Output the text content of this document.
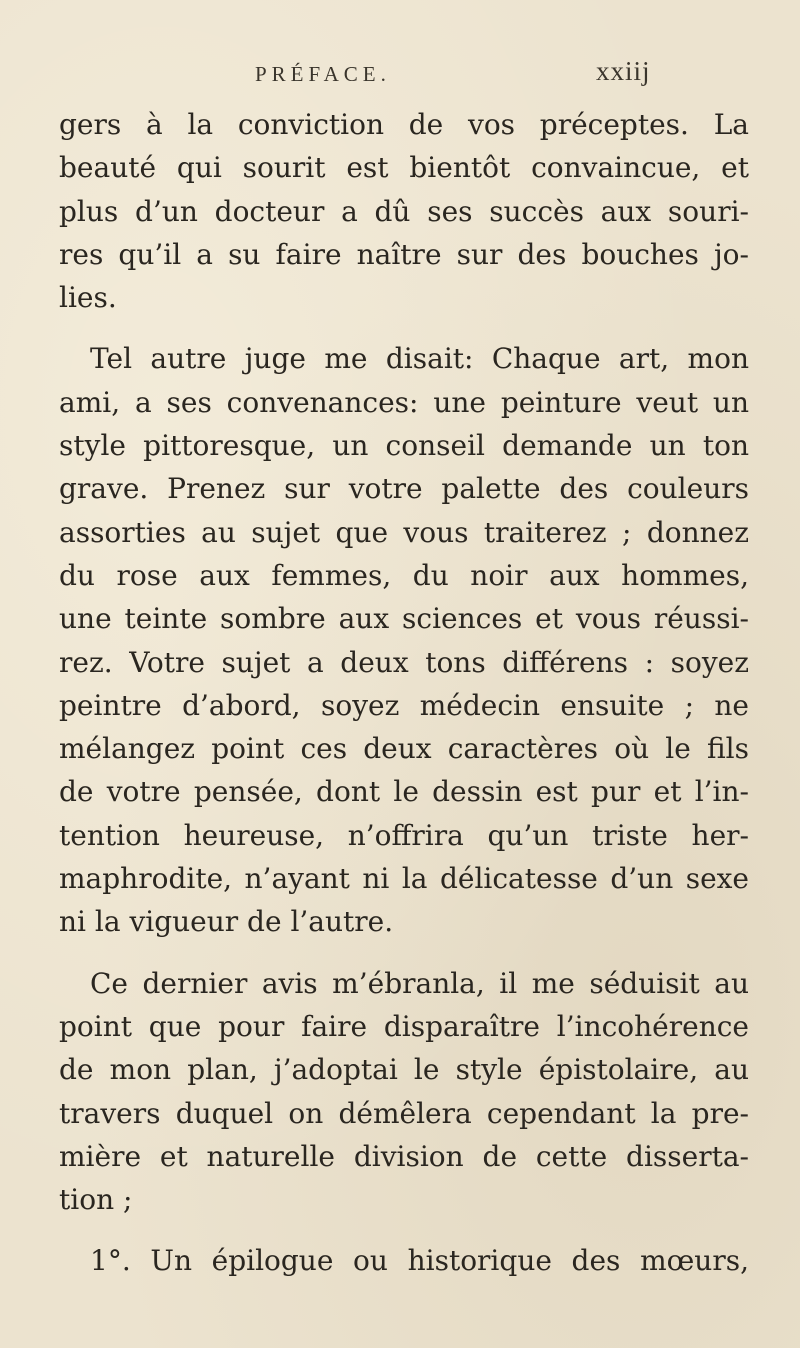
PRÉFACE.	xxiij
gers à la conviction de vos préceptes. La
beauté qui sourit est bientôt convaincue, et
plus d’un docteur a dû ses succès aux souri-
res qu’il a su faire naître sur des bouches jo-
lies.
Tel autre juge me disait: Chaque art, mon
ami, a ses convenances: une peinture veut un
style pittoresque, un conseil demande un ton
grave. Prenez sur votre palette des couleurs
assorties au sujet que vous traiterez ; donnez
du rose aux femmes, du noir aux hommes,
une teinte sombre aux sciences et vous réussi-
rez. Votre sujet a deux tons différens : soyez
peintre d’abord, soyez médecin ensuite ; ne
mélangez point ces deux caractères où le fils
de votre pensée, dont le dessin est pur et l’in-
tention heureuse, n’offrira qu’un triste her-
maphrodite, n’ayant ni la délicatesse d’un sexe
ni la vigueur de l’autre.
Ce dernier avis m’ébranla, il me séduisit au
point que pour faire disparaître l’incohérence
de mon plan, j’adoptai le style épistolaire, au
travers duquel on démêlera cependant la pre-
mière et naturelle division de cette disserta-
tion ;
1°. Un épilogue ou historique des mœurs,
